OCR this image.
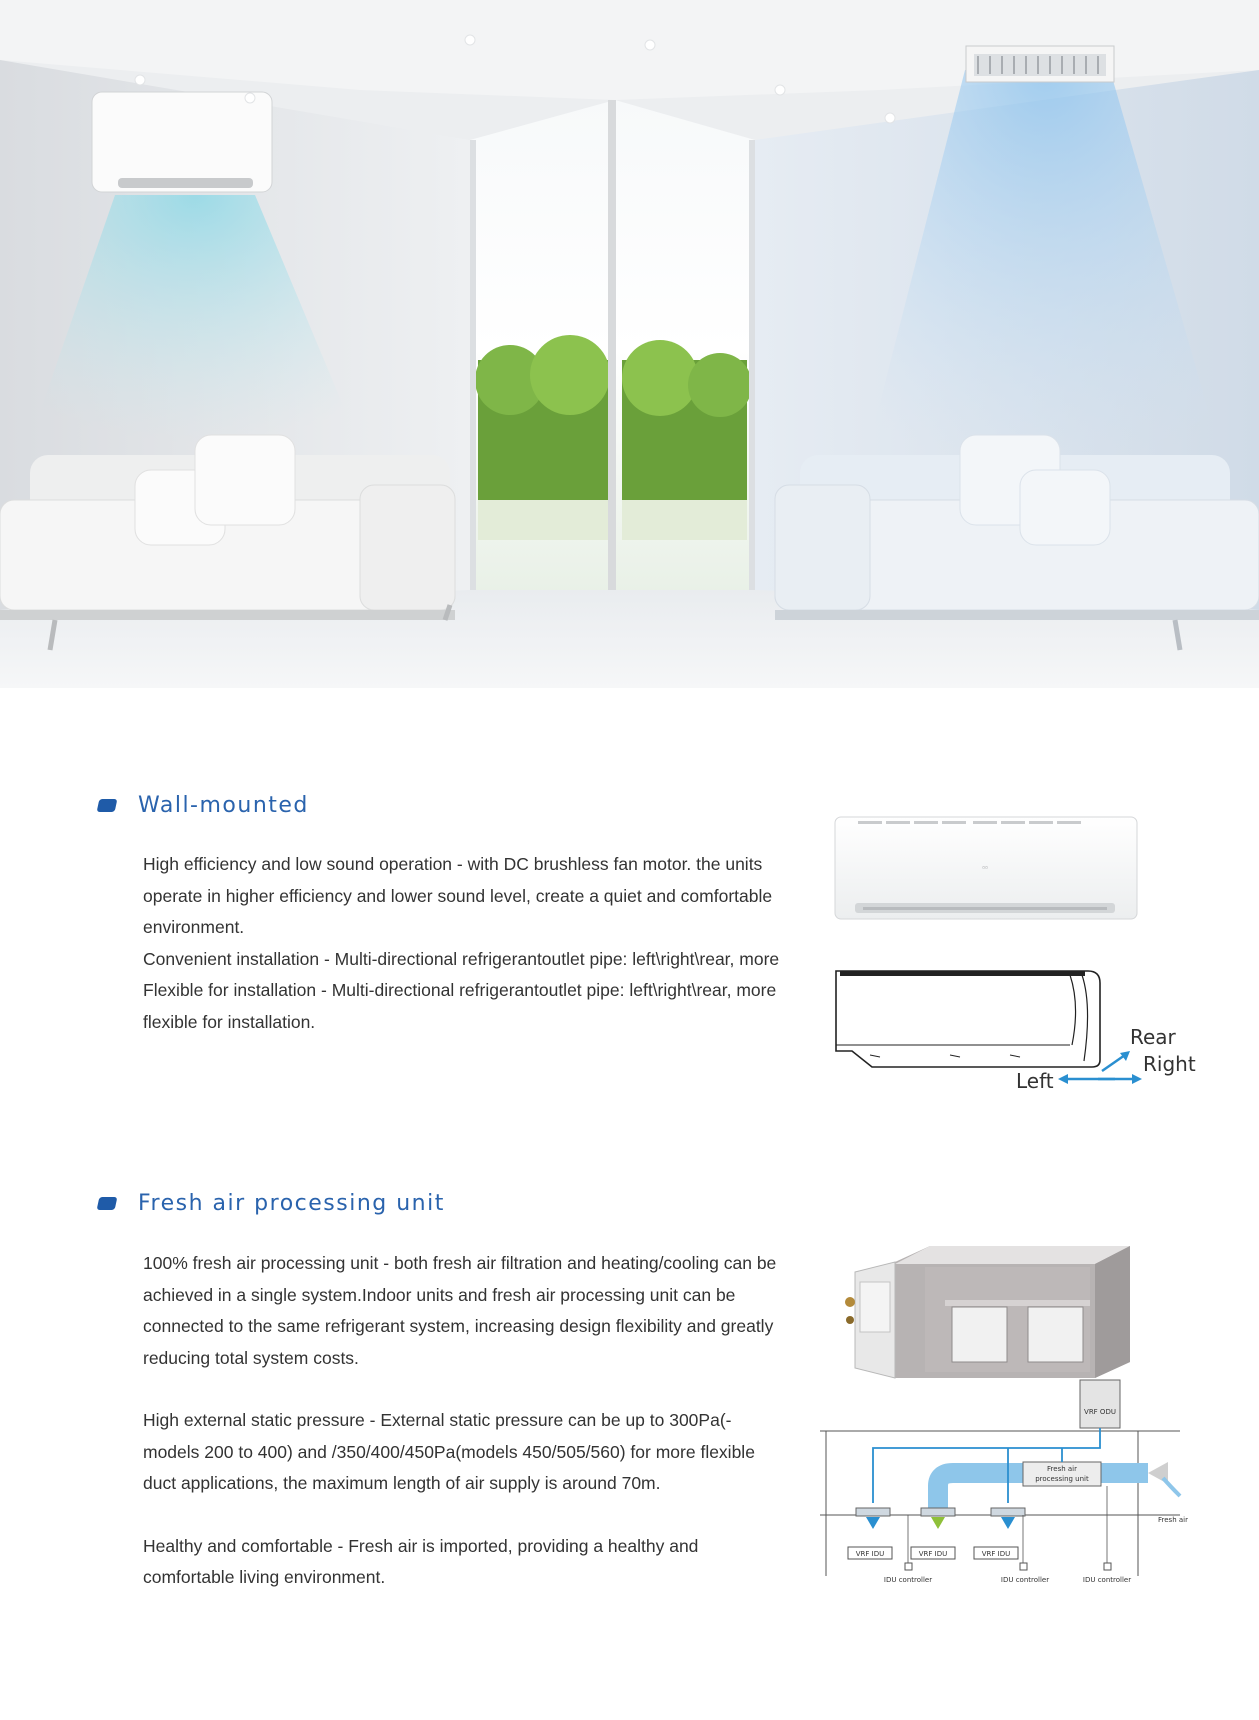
Wall-mounted

High efficiency and low sound operation - with DC brushless fan motor. the units operate in higher efficiency and lower sound level, create a quiet and comfortable environment.

Convenient installation - Multi-directional refrigerantoutlet pipe: left\right\rear, more

Flexible for installation - Multi-directional refrigerantoutlet pipe: left\right\rear, more flexible for installation.

▫▫
Rear
Right
Left
Fresh air processing unit

100% fresh air processing unit - both fresh air filtration and heating/cooling can be achieved in a single system.Indoor units and fresh air processing unit can be connected to the same refrigerant system, increasing design flexibility and greatly reducing total system costs.

High external static pressure - External static pressure can be up to 300Pa(-models 200 to 400) and /350/400/450Pa(models 450/505/560) for more flexible duct applications, the maximum length of air supply is around 70m.

Healthy and comfortable - Fresh air is imported, providing a healthy and comfortable living environment.

VRF ODU
Fresh air
processing unit
Fresh air
VRF IDU	VRF IDU	VRF IDU
IDU controller	IDU controller	IDU controller
